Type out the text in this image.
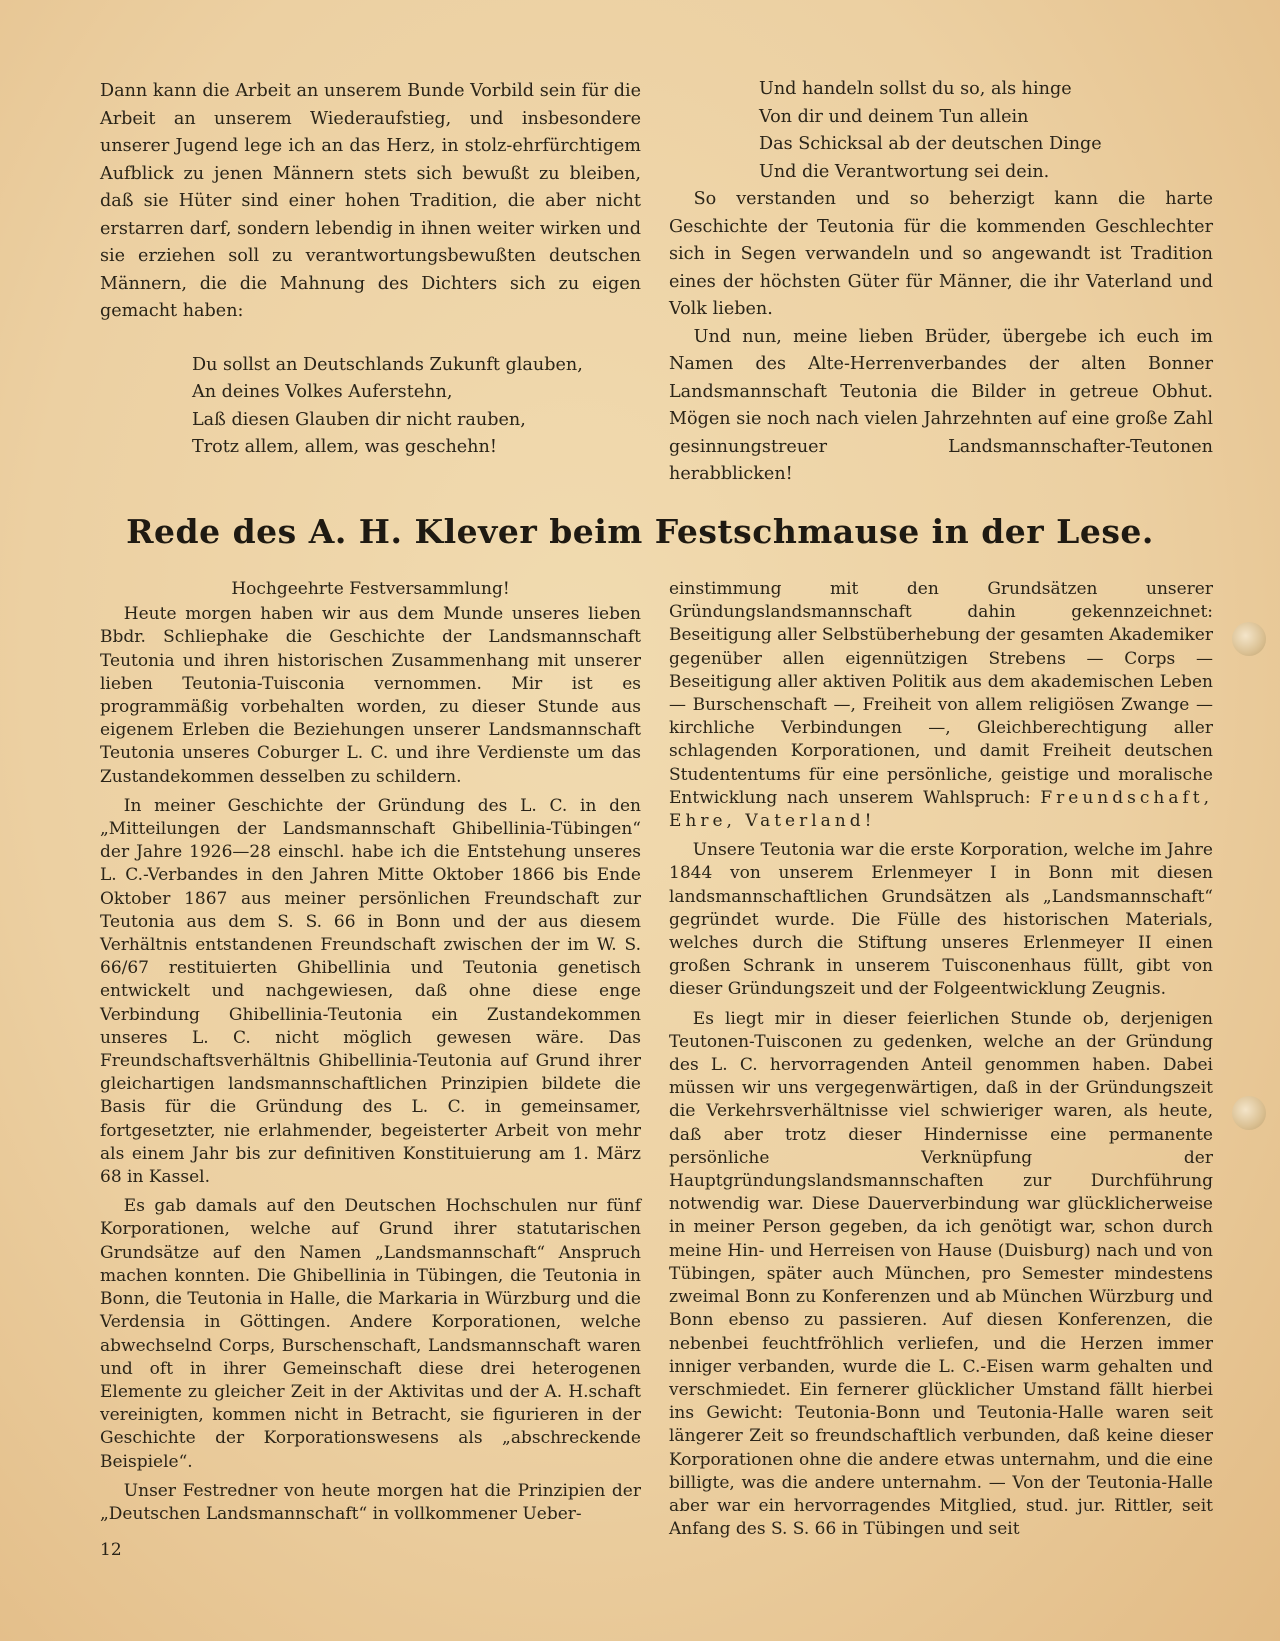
Dann kann die Arbeit an unserem Bunde Vorbild sein für die Arbeit an unserem Wiederaufstieg, und insbesondere unserer Jugend lege ich an das Herz, in stolz-ehrfürchtigem Aufblick zu jenen Männern stets sich bewußt zu bleiben, daß sie Hüter sind einer hohen Tradition, die aber nicht erstarren darf, sondern lebendig in ihnen weiter wirken und sie erziehen soll zu verantwortungsbewußten deutschen Männern, die die Mahnung des Dichters sich zu eigen gemacht haben:

Du sollst an Deutschlands Zukunft glauben,
An deines Volkes Auferstehn,
Laß diesen Glauben dir nicht rauben,
Trotz allem, allem, was geschehn!
Und handeln sollst du so, als hinge
Von dir und deinem Tun allein
Das Schicksal ab der deutschen Dinge
Und die Verantwortung sei dein.

So verstanden und so beherzigt kann die harte Geschichte der Teutonia für die kommenden Geschlechter sich in Segen verwandeln und so angewandt ist Tradition eines der höchsten Güter für Männer, die ihr Vaterland und Volk lieben.

Und nun, meine lieben Brüder, übergebe ich euch im Namen des Alte-Herrenverbandes der alten Bonner Landsmannschaft Teutonia die Bilder in getreue Obhut. Mögen sie noch nach vielen Jahrzehnten auf eine große Zahl gesinnungstreuer Landsmannschafter-Teutonen herabblicken!

Rede des A. H. Klever beim Festschmause in der Lese.

Hochgeehrte Festversammlung!

Heute morgen haben wir aus dem Munde unseres lieben Bbdr. Schliephake die Geschichte der Landsmannschaft Teutonia und ihren historischen Zusammenhang mit unserer lieben Teutonia-Tuisconia vernommen. Mir ist es programmäßig vorbehalten worden, zu dieser Stunde aus eigenem Erleben die Beziehungen unserer Landsmannschaft Teutonia unseres Coburger L. C. und ihre Verdienste um das Zustandekommen desselben zu schildern.

In meiner Geschichte der Gründung des L. C. in den „Mitteilungen der Landsmannschaft Ghibellinia-Tübingen“ der Jahre 1926—28 einschl. habe ich die Entstehung unseres L. C.-Verbandes in den Jahren Mitte Oktober 1866 bis Ende Oktober 1867 aus meiner persönlichen Freundschaft zur Teutonia aus dem S. S. 66 in Bonn und der aus diesem Verhältnis entstandenen Freundschaft zwischen der im W. S. 66/67 restituierten Ghibellinia und Teutonia genetisch entwickelt und nachgewiesen, daß ohne diese enge Verbindung Ghibellinia-Teutonia ein Zustandekommen unseres L. C. nicht möglich gewesen wäre. Das Freundschaftsverhältnis Ghibellinia-Teutonia auf Grund ihrer gleichartigen landsmannschaftlichen Prinzipien bildete die Basis für die Gründung des L. C. in gemeinsamer, fortgesetzter, nie erlahmender, begeisterter Arbeit von mehr als einem Jahr bis zur definitiven Konstituierung am 1. März 68 in Kassel.

Es gab damals auf den Deutschen Hochschulen nur fünf Korporationen, welche auf Grund ihrer statutarischen Grundsätze auf den Namen „Landsmannschaft“ Anspruch machen konnten. Die Ghibellinia in Tübingen, die Teutonia in Bonn, die Teutonia in Halle, die Markaria in Würzburg und die Verdensia in Göttingen. Andere Korporationen, welche abwechselnd Corps, Burschenschaft, Landsmannschaft waren und oft in ihrer Gemeinschaft diese drei heterogenen Elemente zu gleicher Zeit in der Aktivitas und der A. H.schaft vereinigten, kommen nicht in Betracht, sie figurieren in der Geschichte der Korporationswesens als „abschreckende Beispiele“.

Unser Festredner von heute morgen hat die Prinzipien der „Deutschen Landsmannschaft“ in vollkommener Ueber-

einstimmung mit den Grundsätzen unserer Gründungslandsmannschaft dahin gekennzeichnet: Beseitigung aller Selbstüberhebung der gesamten Akademiker gegenüber allen eigennützigen Strebens — Corps — Beseitigung aller aktiven Politik aus dem akademischen Leben — Burschenschaft —, Freiheit von allem religiösen Zwange — kirchliche Verbindungen —, Gleichberechtigung aller schlagenden Korporationen, und damit Freiheit deutschen Studententums für eine persönliche, geistige und moralische Entwicklung nach unserem Wahlspruch: Freundschaft, Ehre, Vaterland!

Unsere Teutonia war die erste Korporation, welche im Jahre 1844 von unserem Erlenmeyer I in Bonn mit diesen landsmannschaftlichen Grundsätzen als „Landsmannschaft“ gegründet wurde. Die Fülle des historischen Materials, welches durch die Stiftung unseres Erlenmeyer II einen großen Schrank in unserem Tuisconenhaus füllt, gibt von dieser Gründungszeit und der Folgeentwicklung Zeugnis.

Es liegt mir in dieser feierlichen Stunde ob, derjenigen Teutonen-Tuisconen zu gedenken, welche an der Gründung des L. C. hervorragenden Anteil genommen haben. Dabei müssen wir uns vergegenwärtigen, daß in der Gründungszeit die Verkehrsverhältnisse viel schwieriger waren, als heute, daß aber trotz dieser Hindernisse eine permanente persönliche Verknüpfung der Hauptgründungslandsmannschaften zur Durchführung notwendig war. Diese Dauerverbindung war glücklicherweise in meiner Person gegeben, da ich genötigt war, schon durch meine Hin- und Herreisen von Hause (Duisburg) nach und von Tübingen, später auch München, pro Semester mindestens zweimal Bonn zu Konferenzen und ab München Würzburg und Bonn ebenso zu passieren. Auf diesen Konferenzen, die nebenbei feuchtfröhlich verliefen, und die Herzen immer inniger verbanden, wurde die L. C.-Eisen warm gehalten und verschmiedet. Ein fernerer glücklicher Umstand fällt hierbei ins Gewicht: Teutonia-Bonn und Teutonia-Halle waren seit längerer Zeit so freundschaftlich verbunden, daß keine dieser Korporationen ohne die andere etwas unternahm, und die eine billigte, was die andere unternahm. — Von der Teutonia-Halle aber war ein hervorragendes Mitglied, stud. jur. Rittler, seit Anfang des S. S. 66 in Tübingen und seit

12
